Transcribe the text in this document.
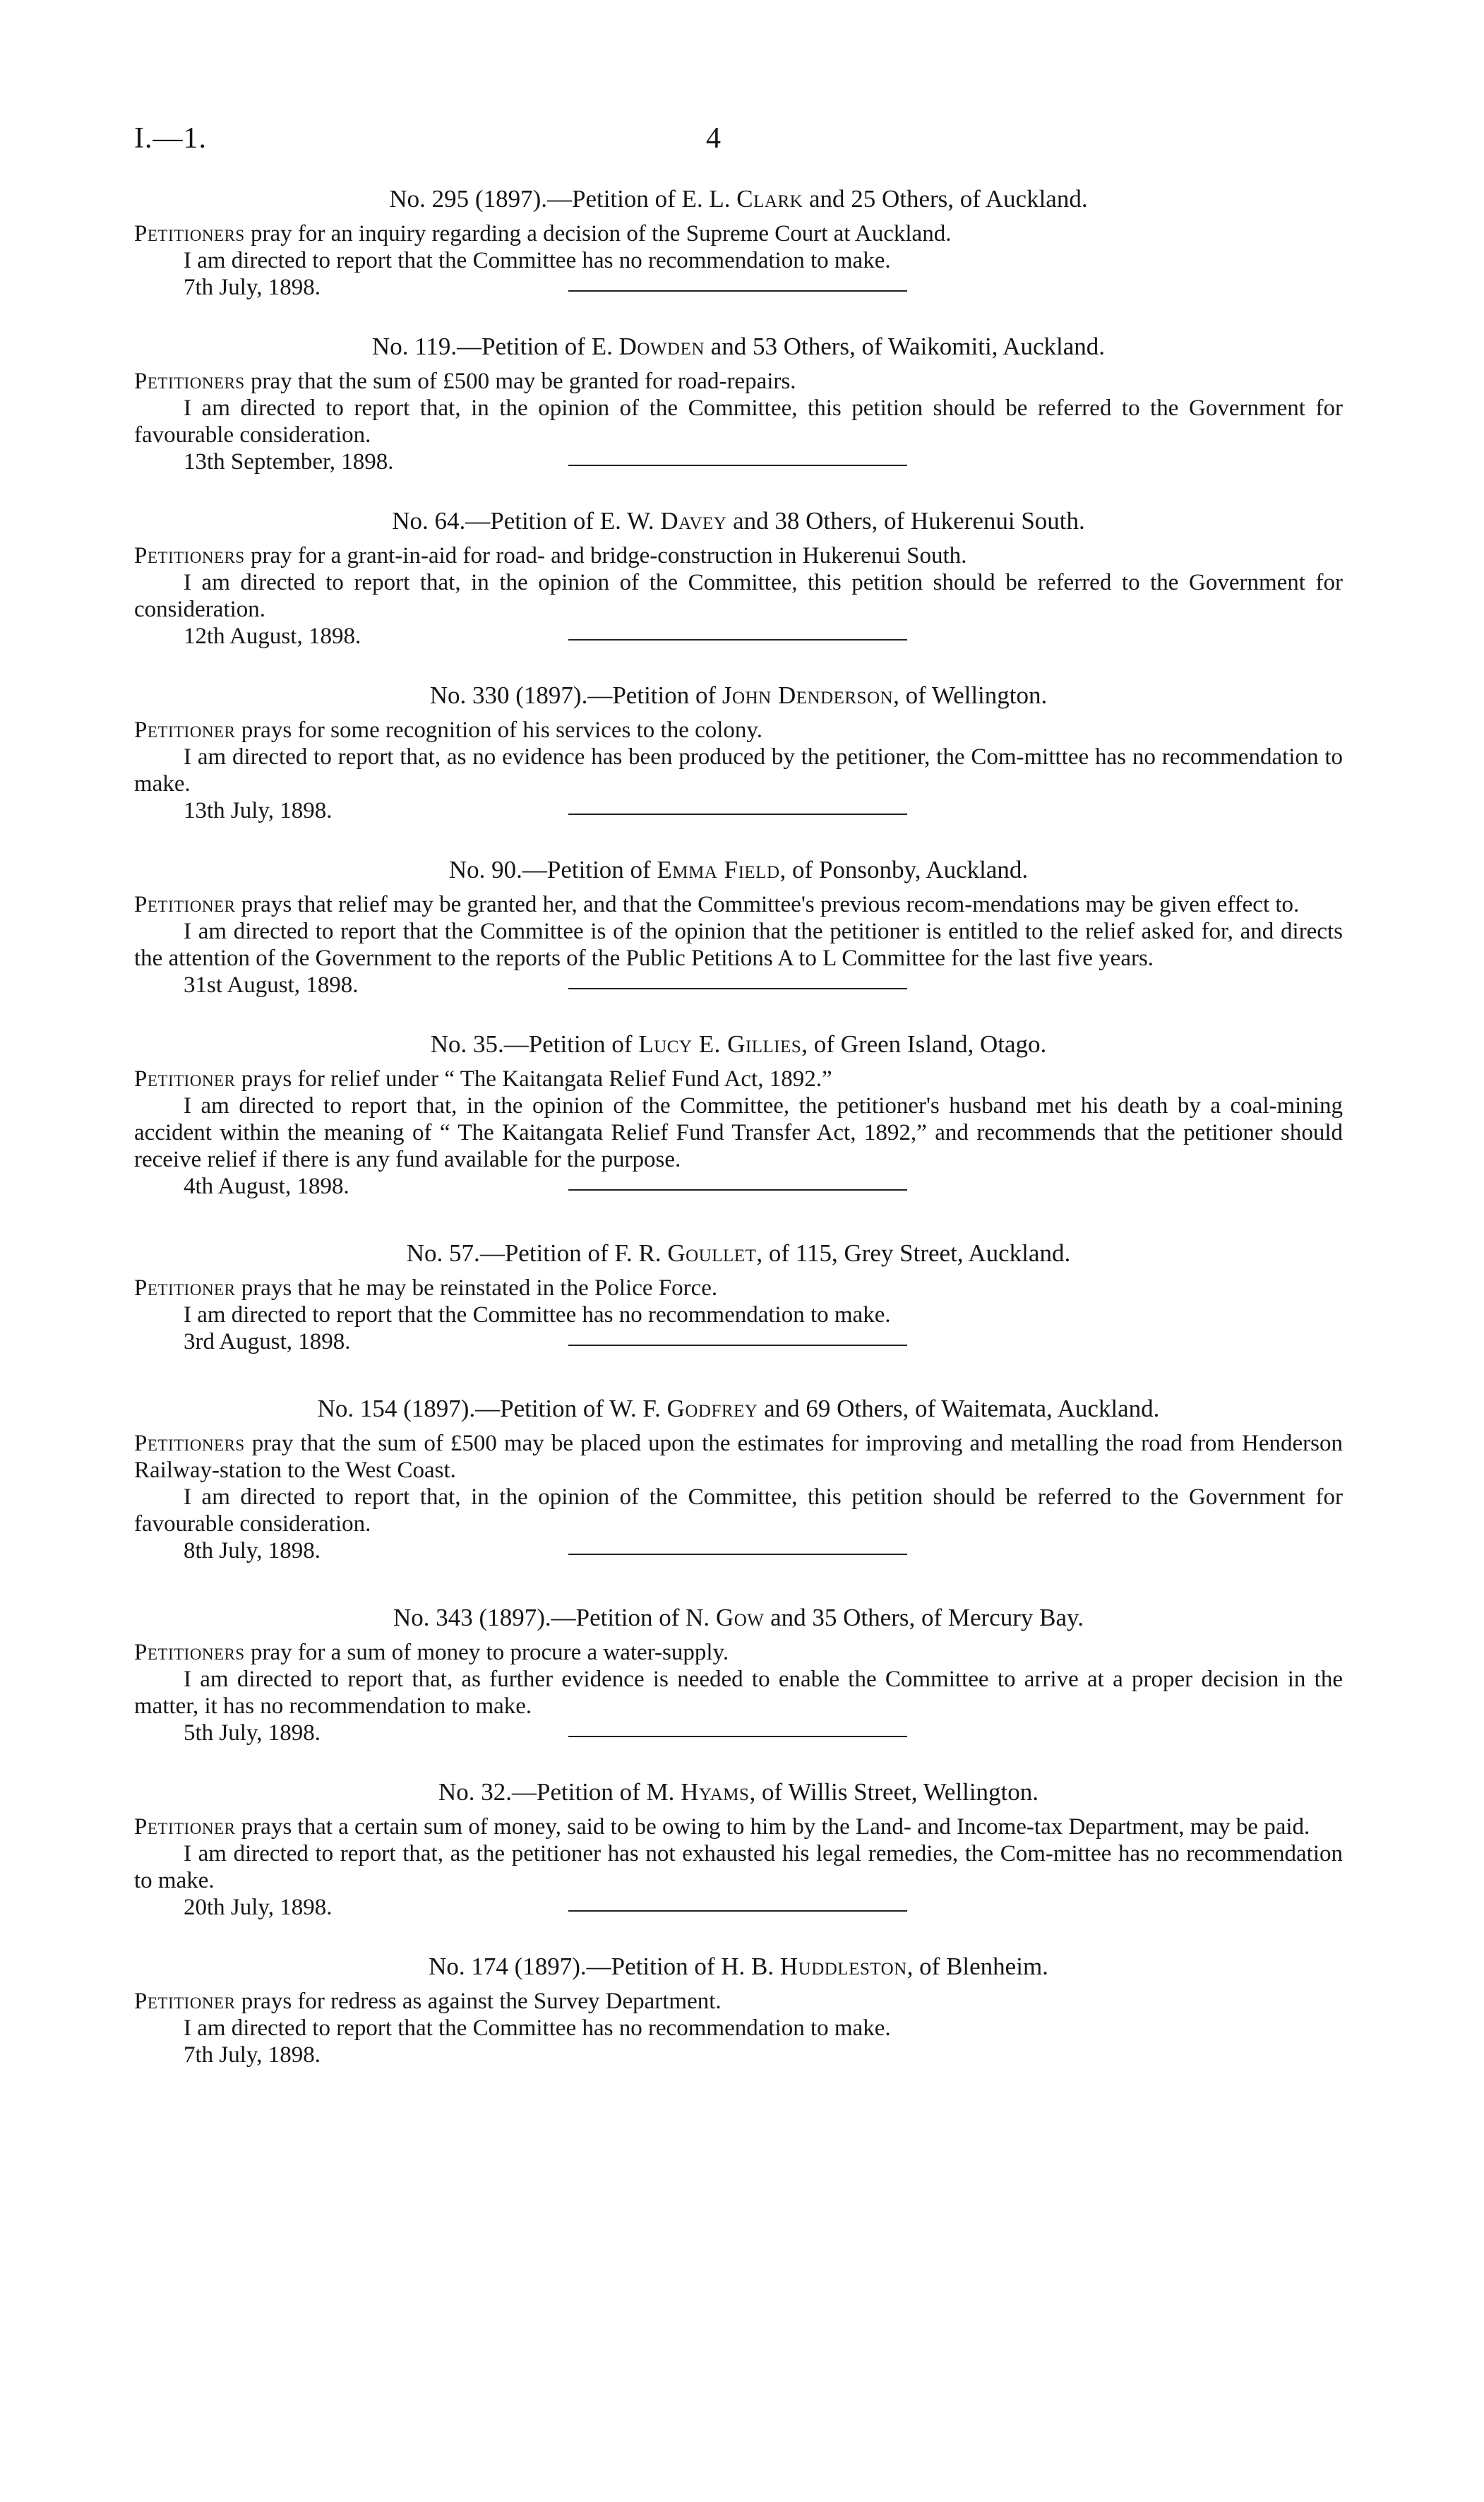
I.—1.	4

No. 295 (1897).—Petition of E. L. Clark and 25 Others, of Auckland.

Petitioners pray for an inquiry regarding a decision of the Supreme Court at Auckland.

I am directed to report that the Committee has no recommendation to make.

7th July, 1898.

No. 119.—Petition of E. Dowden and 53 Others, of Waikomiti, Auckland.

Petitioners pray that the sum of £500 may be granted for road-repairs.

I am directed to report that, in the opinion of the Committee, this petition should be referred to the Government for favourable consideration.

13th September, 1898.

No. 64.—Petition of E. W. Davey and 38 Others, of Hukerenui South.

Petitioners pray for a grant-in-aid for road- and bridge-construction in Hukerenui South.

I am directed to report that, in the opinion of the Committee, this petition should be referred to the Government for consideration.

12th August, 1898.

No. 330 (1897).—Petition of John Denderson, of Wellington.

Petitioner prays for some recognition of his services to the colony.

I am directed to report that, as no evidence has been produced by the petitioner, the Com-mitttee has no recommendation to make.

13th July, 1898.

No. 90.—Petition of Emma Field, of Ponsonby, Auckland.

Petitioner prays that relief may be granted her, and that the Committee's previous recom-mendations may be given effect to.

I am directed to report that the Committee is of the opinion that the petitioner is entitled to the relief asked for, and directs the attention of the Government to the reports of the Public Petitions A to L Committee for the last five years.

31st August, 1898.

No. 35.—Petition of Lucy E. Gillies, of Green Island, Otago.

Petitioner prays for relief under “ The Kaitangata Relief Fund Act, 1892.”

I am directed to report that, in the opinion of the Committee, the petitioner's husband met his death by a coal-mining accident within the meaning of “ The Kaitangata Relief Fund Transfer Act, 1892,” and recommends that the petitioner should receive relief if there is any fund available for the purpose.

4th August, 1898.

No. 57.—Petition of F. R. Goullet, of 115, Grey Street, Auckland.

Petitioner prays that he may be reinstated in the Police Force.

I am directed to report that the Committee has no recommendation to make.

3rd August, 1898.

No. 154 (1897).—Petition of W. F. Godfrey and 69 Others, of Waitemata, Auckland.

Petitioners pray that the sum of £500 may be placed upon the estimates for improving and metalling the road from Henderson Railway-station to the West Coast.

I am directed to report that, in the opinion of the Committee, this petition should be referred to the Government for favourable consideration.

8th July, 1898.

No. 343 (1897).—Petition of N. Gow and 35 Others, of Mercury Bay.

Petitioners pray for a sum of money to procure a water-supply.

I am directed to report that, as further evidence is needed to enable the Committee to arrive at a proper decision in the matter, it has no recommendation to make.

5th July, 1898.

No. 32.—Petition of M. Hyams, of Willis Street, Wellington.

Petitioner prays that a certain sum of money, said to be owing to him by the Land- and Income-tax Department, may be paid.

I am directed to report that, as the petitioner has not exhausted his legal remedies, the Com-mittee has no recommendation to make.

20th July, 1898.

No. 174 (1897).—Petition of H. B. Huddleston, of Blenheim.

Petitioner prays for redress as against the Survey Department.

I am directed to report that the Committee has no recommendation to make.

7th July, 1898.
